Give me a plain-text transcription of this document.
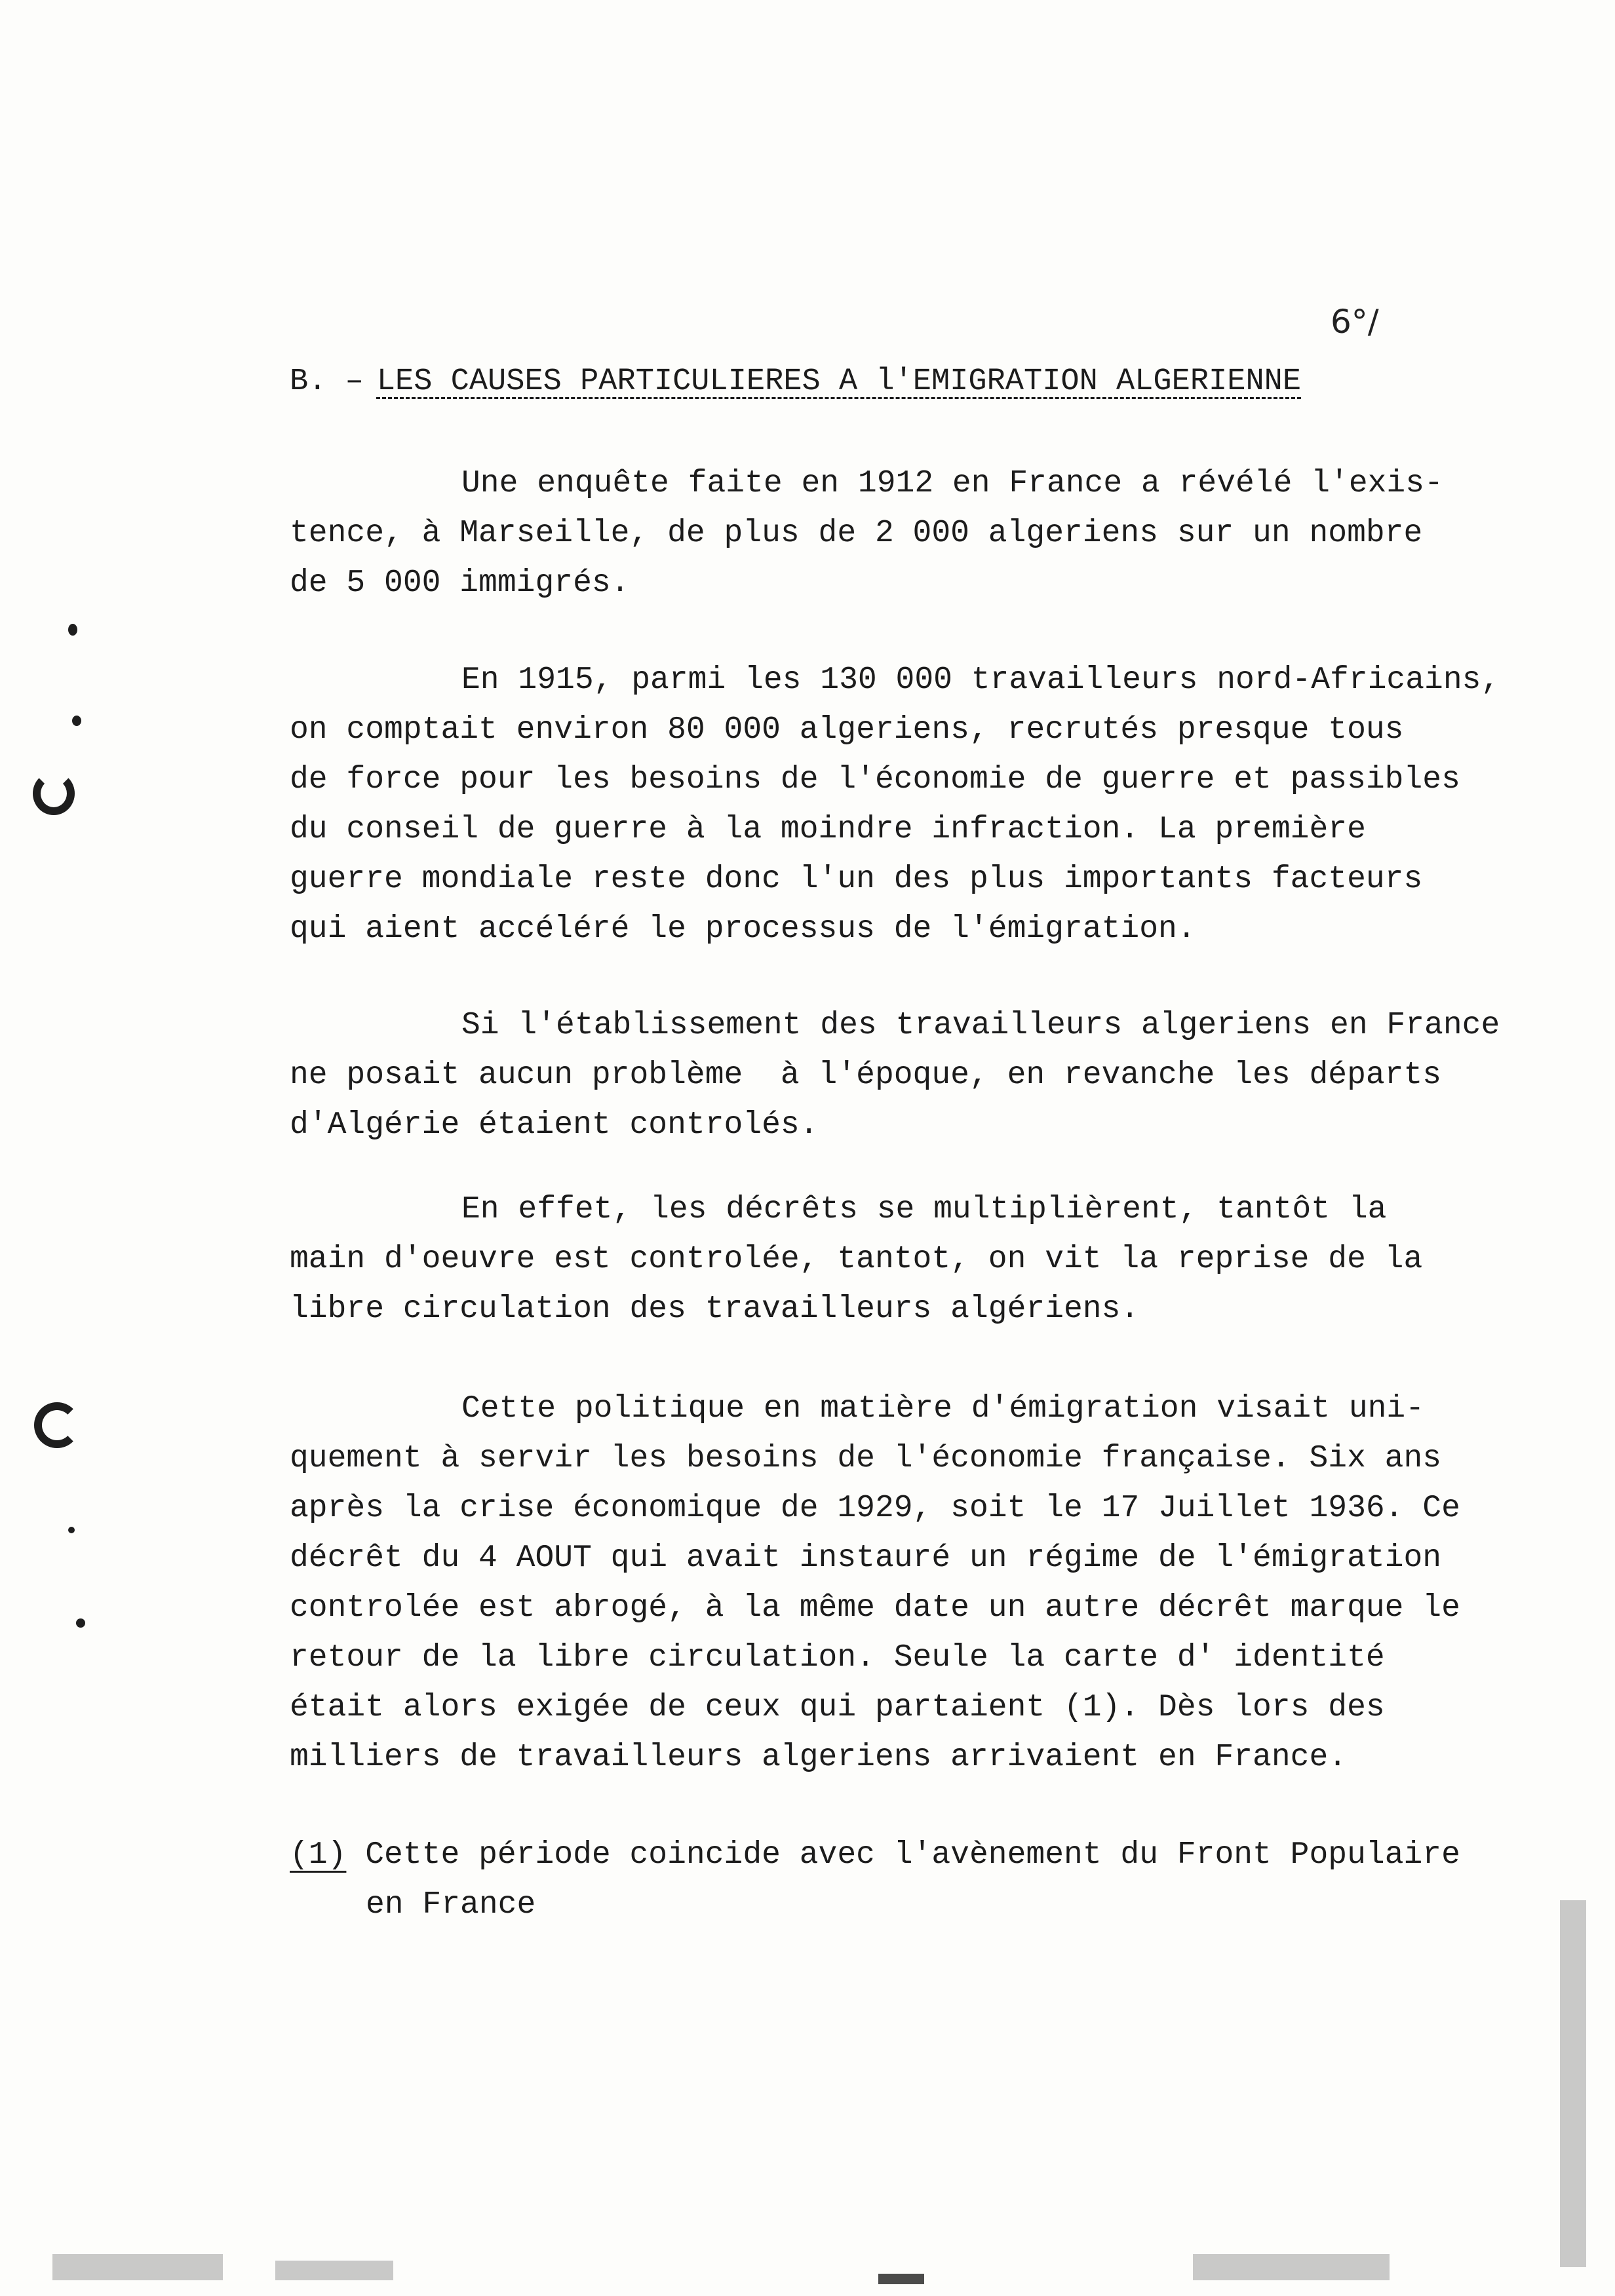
6°/
B. – LES CAUSES PARTICULIERES A l'EMIGRATION ALGERIENNE

Une enquête faite en 1912 en France a révélé l'exis-
tence, à Marseille, de plus de 2 000 algeriens sur un nombre
de 5 000 immigrés.

En 1915, parmi les 130 000 travailleurs nord-Africains,
on comptait environ 80 000 algeriens, recrutés presque tous
de force pour les besoins de l'économie de guerre et passibles
du conseil de guerre à la moindre infraction. La première
guerre mondiale reste donc l'un des plus importants facteurs
qui aient accéléré le processus de l'émigration.

Si l'établissement des travailleurs algeriens en France
ne posait aucun problème  à l'époque, en revanche les départs
d'Algérie étaient controlés.

En effet, les décrêts se multiplièrent, tantôt la
main d'oeuvre est controlée, tantot, on vit la reprise de la
libre circulation des travailleurs algériens.

Cette politique en matière d'émigration visait uni-
quement à servir les besoins de l'économie française. Six ans
après la crise économique de 1929, soit le 17 Juillet 1936. Ce
décrêt du 4 AOUT qui avait instauré un régime de l'émigration
controlée est abrogé, à la même date un autre décrêt marque le
retour de la libre circulation. Seule la carte d' identité
était alors exigée de ceux qui partaient (1). Dès lors des
milliers de travailleurs algeriens arrivaient en France.

(1) Cette période coincide avec l'avènement du Front Populaire
en France
